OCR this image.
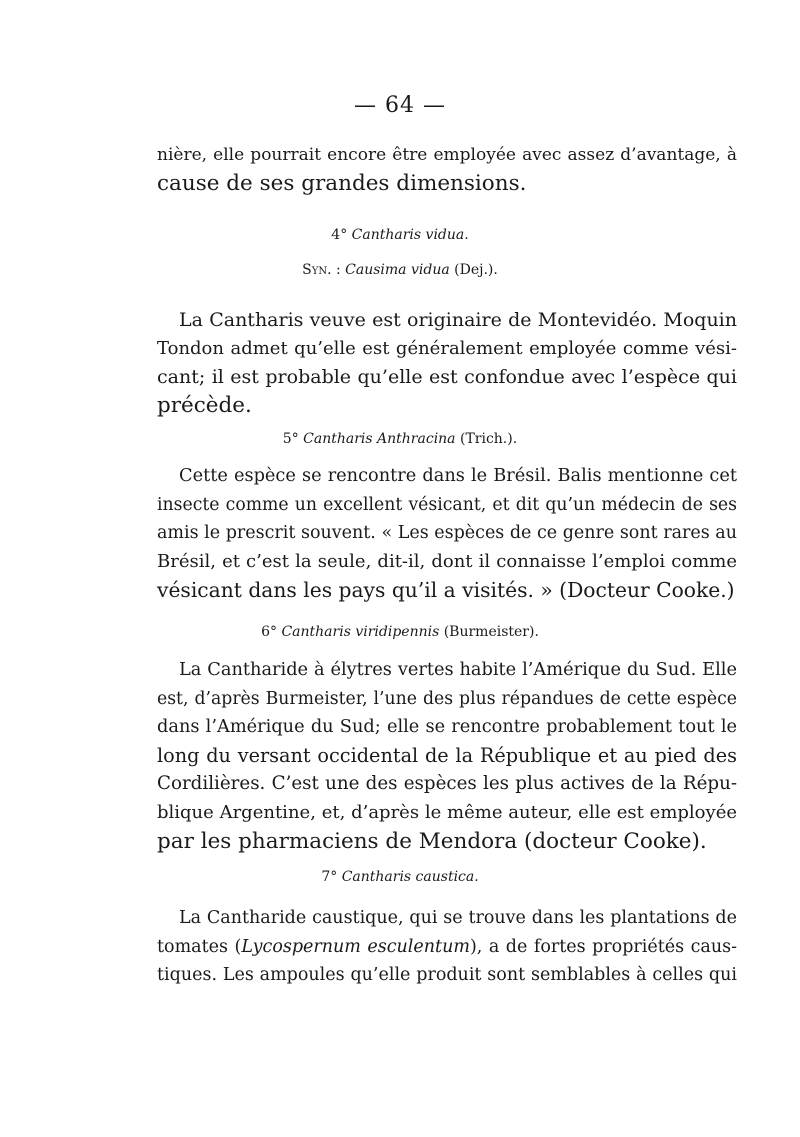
— 64 —
nière, elle pourrait encore être employée avec assez d’avantage, à
cause de ses grandes dimensions.
4° Cantharis vidua.
Syn. : Causima vidua (Dej.).
La Cantharis veuve est originaire de Montevidéo. Moquin
Tondon admet qu’elle est généralement employée comme vési-
cant; il est probable qu’elle est confondue avec l’espèce qui
précède.
5° Cantharis Anthracina (Trich.).
Cette espèce se rencontre dans le Brésil. Balis mentionne cet
insecte comme un excellent vésicant, et dit qu’un médecin de ses
amis le prescrit souvent. « Les espèces de ce genre sont rares au
Brésil, et c’est la seule, dit-il, dont il connaisse l’emploi comme
vésicant dans les pays qu’il a visités. » (Docteur Cooke.)
6° Cantharis viridipennis (Burmeister).
La Cantharide à élytres vertes habite l’Amérique du Sud. Elle
est, d’après Burmeister, l’une des plus répandues de cette espèce
dans l’Amérique du Sud; elle se rencontre probablement tout le
long du versant occidental de la République et au pied des
Cordilières. C’est une des espèces les plus actives de la Répu-
blique Argentine, et, d’après le même auteur, elle est employée
par les pharmaciens de Mendora (docteur Cooke).
7° Cantharis caustica.
La Cantharide caustique, qui se trouve dans les plantations de
tomates (Lycospernum esculentum), a de fortes propriétés caus-
tiques. Les ampoules qu’elle produit sont semblables à celles qui
